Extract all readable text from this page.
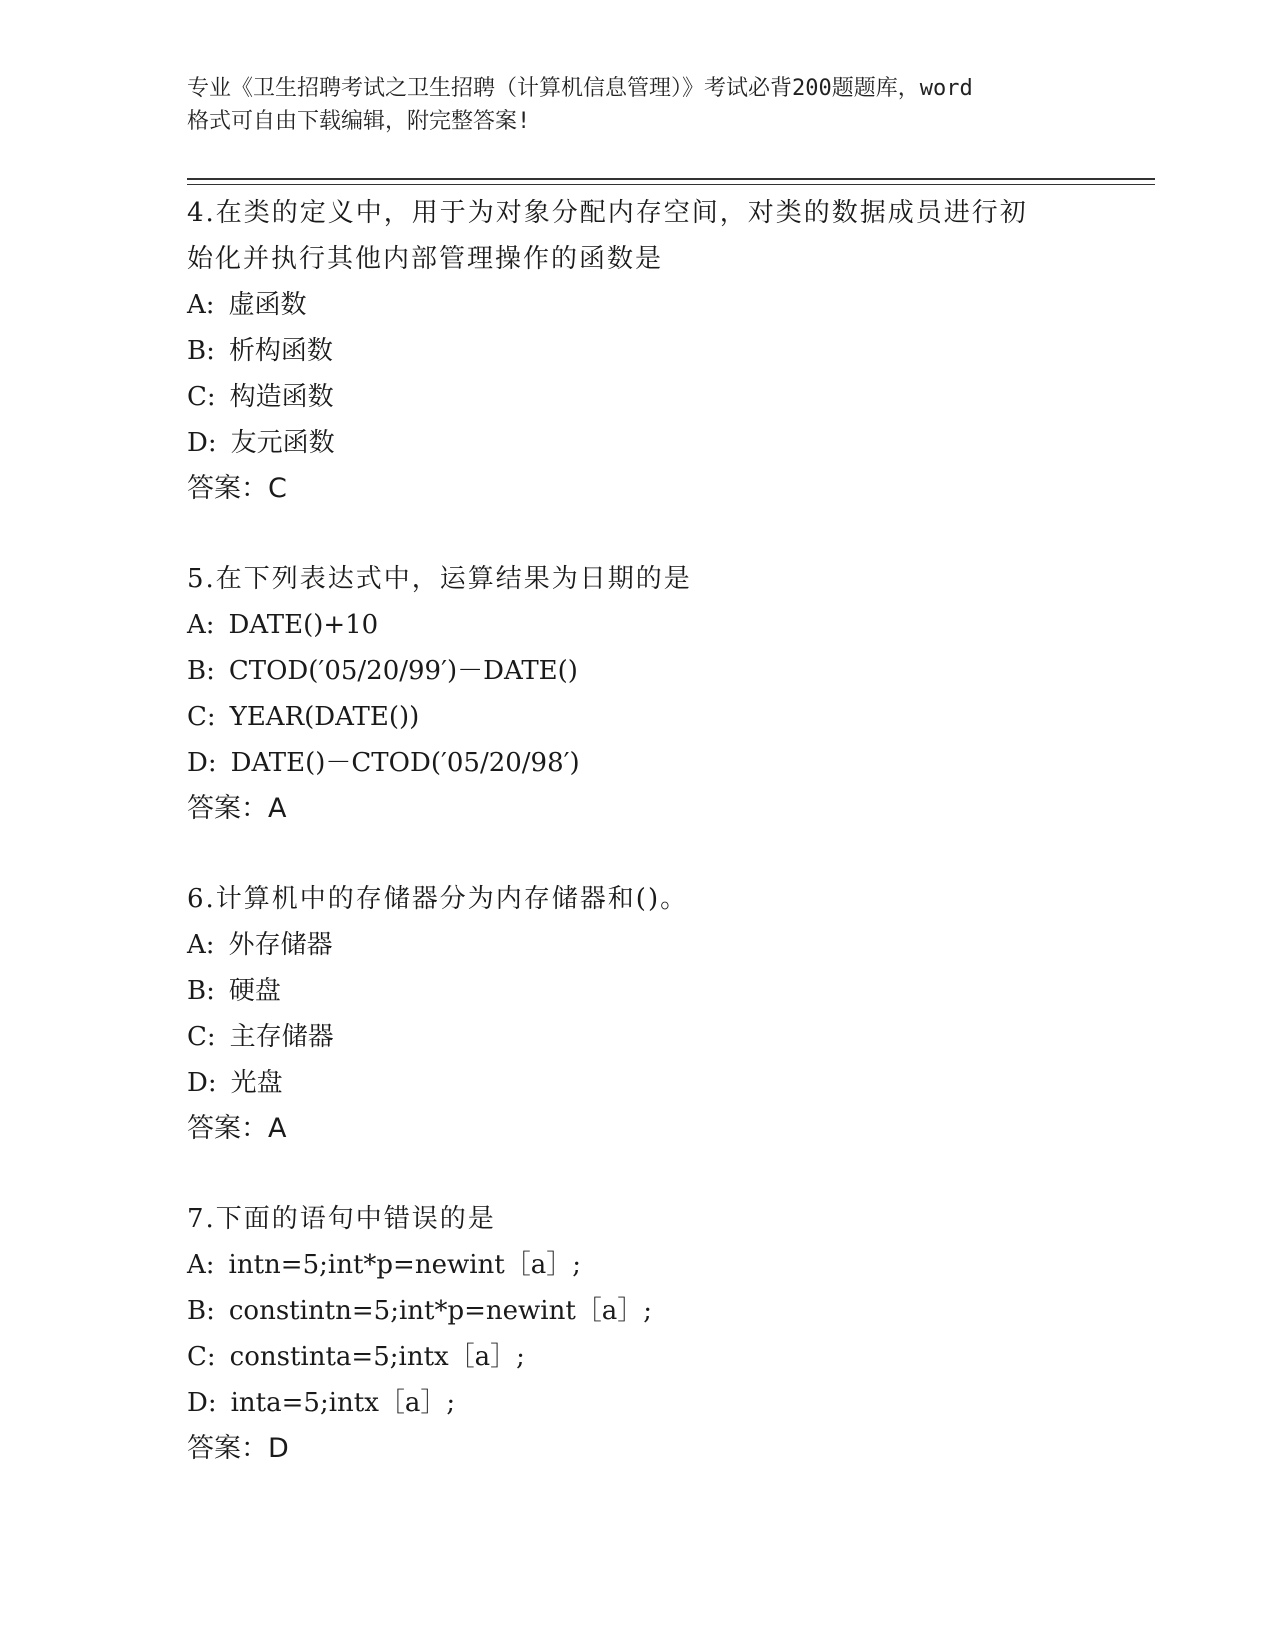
专业《卫生招聘考试之卫生招聘（计算机信息管理）》考试必背200题题库，word
格式可自由下载编辑，附完整答案!
4.在类的定义中，用于为对象分配内存空间，对类的数据成员进行初
始化并执行其他内部管理操作的函数是
A: 虚函数
B: 析构函数
C: 构造函数
D: 友元函数
答案：C
5.在下列表达式中，运算结果为日期的是
A: DATE()+10
B: CTOD(′05/20/99′)－DATE()
C: YEAR(DATE())
D: DATE()－CTOD(′05/20/98′)
答案：A
6.计算机中的存储器分为内存储器和()。
A: 外存储器
B: 硬盘
C: 主存储器
D: 光盘
答案：A
7.下面的语句中错误的是
A: intn=5;int*p=newint［a］;
B: constintn=5;int*p=newint［a］;
C: constinta=5;intx［a］;
D: inta=5;intx［a］;
答案：D
